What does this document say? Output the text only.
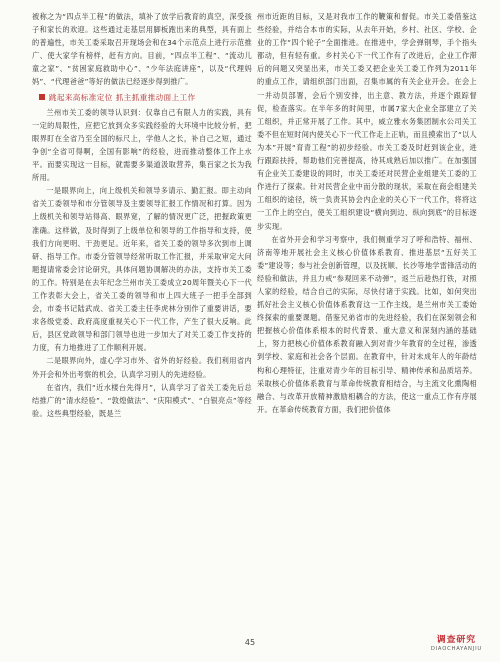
被称之为“四点半工程”的做法，填补了放学后教育的真空，深受孩子和家长的欢迎。这些通过走基层用脚板跑出来的典型，具有面上的普遍性，市关工委采取召开现场会和在34个示范点上进行示范推广、使大家学有榜样，赶有方向。目前，“四点半工程”、“流动儿童之家”、“贫困家庭救助中心”、“少年法庭讲座”，以及“代理妈妈”、“代理爸爸”等好的做法已经逐步得到推广。

跳起来高标准定位 抓主抓重推动面上工作

兰州市关工委的领导认识到：仅靠自己有限人力的实践，具有一定的局限性，应把它放到众多实践经验的大环境中比较分析，把眼界盯在全省乃至全国的标尺上，学他人之长，补自己之短，通过争创“全省可得啊，全国有影响”的经验，进而推动整体工作上水平。而要实现这一目标，就需要多渠道汲取营养，集百家之长为我所用。

一是眼界向上，向上级机关和领导多请示、勤汇报。即主动向省关工委领导和市分管领导及主要领导汇报工作情况和打算。因为上级机关和领导站得高、眼界宽，了解的情况更广泛，把握政策更准确。这样做，及时得到了上级单位和领导的工作指导和支持，使我们方向更明、干劲更足。近年来，省关工委的领导多次到市上调研、指导工作。市委分管领导经常听取工作汇报，并采取审定大问题提请常委会讨论研究，具体问题协调解决的办法，支持市关工委的工作。特别是在去年纪念兰州市关工委成立20周年暨关心下一代工作表彰大会上，省关工委的领导和市上四大班子一把手全部到会，市委书记陆武成、省关工委主任李虎林分别作了重要讲话，要求各级党委、政府高度重视关心下一代工作，产生了很大反响。此后，县区党政领导和部门领导也进一步加大了对关工委工作支持的力度，有力地推进了工作顺利开展。

二是眼界向外，虚心学习市外、省外的好经验。我们利用省内外开会和外出考察的机会，认真学习别人的先进经验。

在省内，我们“近水楼台先得月”，认真学习了省关工委先后总结推广的“清水经验”、“敦煌做法”、“庆阳模式”、“白银亮点”等经验。这些典型经验，既是兰

州市近距的目标，又是对我市工作的鞭策和督促。市关工委借鉴这些经验，并结合本市的实际，从去年开始，乡村、社区、学校、企业的工作“四个轮子”全面推进。在推进中，学会弹钢琴，手个指头都动，但有轻有重。乡村关心下一代工作有了改进后，企业工作滞后的问题又突显出来，市关工委又把企业关工委工作列为2011年的重点工作，请组织部门出面，召集市属的有关企业开会。在会上一并动员部署，会后个别安排，出主意、教方法，并逐个跟踪督促，检查落实。在半年多的时间里，市属7家大企业全部建立了关工组织，并正常开展了工作。其中，威立雅水务集团制水公司关工委不但在短时间内使关心下一代工作走上正轨，而且摸索出了“以人为本”开展“育青工程”的初步经验。市关工委及时赶到该企业，进行跟踪扶持，帮助他们完善提高，待其成熟后加以推广。在加强国有企业关工委建设的同时，市关工委还对民营企业组建关工委的工作进行了探索。针对民营企业中而分散的现状，采取在商会组建关工组织的途径，统一负责其协会内企业的关心下一代工作，将将这一工作上的空白，使关工组织建设“横向到边、纵向到底”的目标逐步实现。

在省外开会和学习考察中，我们侧重学习了呼和浩特、福州、济南等地开展社会主义核心价值体系教育、推进基层“五好关工委”建设等；参与社会创新管理，以及抚顺、长沙等地学雷锋活动的经验和做法，并且力戒“参观回来不动弹”，返兰后趁热打铁，对照人家的经验，结合自己的实际，尽快付诸于实践。比如，如何突出抓好社会主义核心价值体系教育这一工作主线，是兰州市关工委始终探索的重要课题。借鉴兄弟省市的先进经验，我们在深刻领会和把握核心价值体系根本的时代背景、重大意义和深刻内涵的基础上，努力把核心价值体系教育融入到对青少年教育的全过程，渗透到学校、家庭和社会各个层面。在教育中，针对未成年人的年龄结构和心理特征，注重对青少年的目标引导、精神传承和品质培养。采取核心价值体系教育与革命传统教育相结合，与主流文化熏陶相融合、与改革开放精神激励相耦合的方法，使这一重点工作有序展开。在革命传统教育方面，我们把价值体

45	调查研究
DIAOCHAYANJIU
